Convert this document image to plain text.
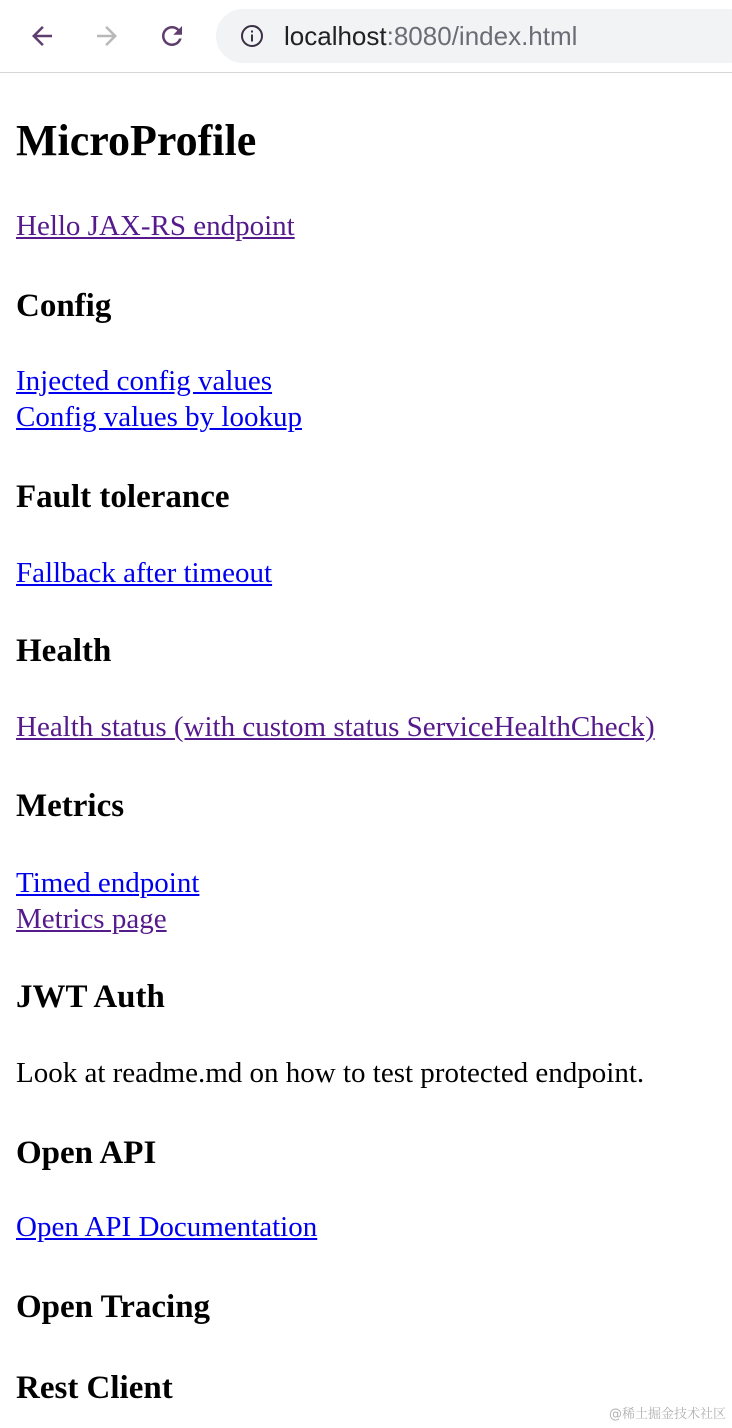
localhost:8080/index.html
MicroProfile
Hello JAX-RS endpoint
Config
Injected config values
Config values by lookup
Fault tolerance
Fallback after timeout
Health
Health status (with custom status ServiceHealthCheck)
Metrics
Timed endpoint
Metrics page
JWT Auth

Look at readme.md on how to test protected endpoint.

Open API
Open API Documentation
Open Tracing
Rest Client
@稀土掘金技术社区
